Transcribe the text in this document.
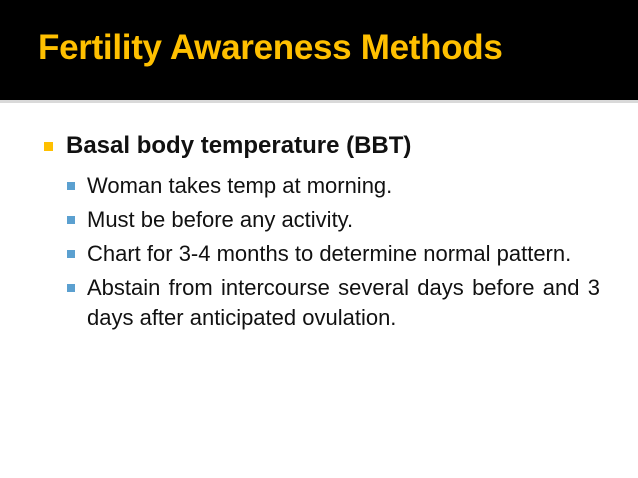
Fertility Awareness Methods
Basal body temperature (BBT)
Woman takes temp at morning.
Must be before any activity.
Chart for 3-4 months to determine normal pattern.
Abstain from intercourse several days before and 3 days after anticipated ovulation.
